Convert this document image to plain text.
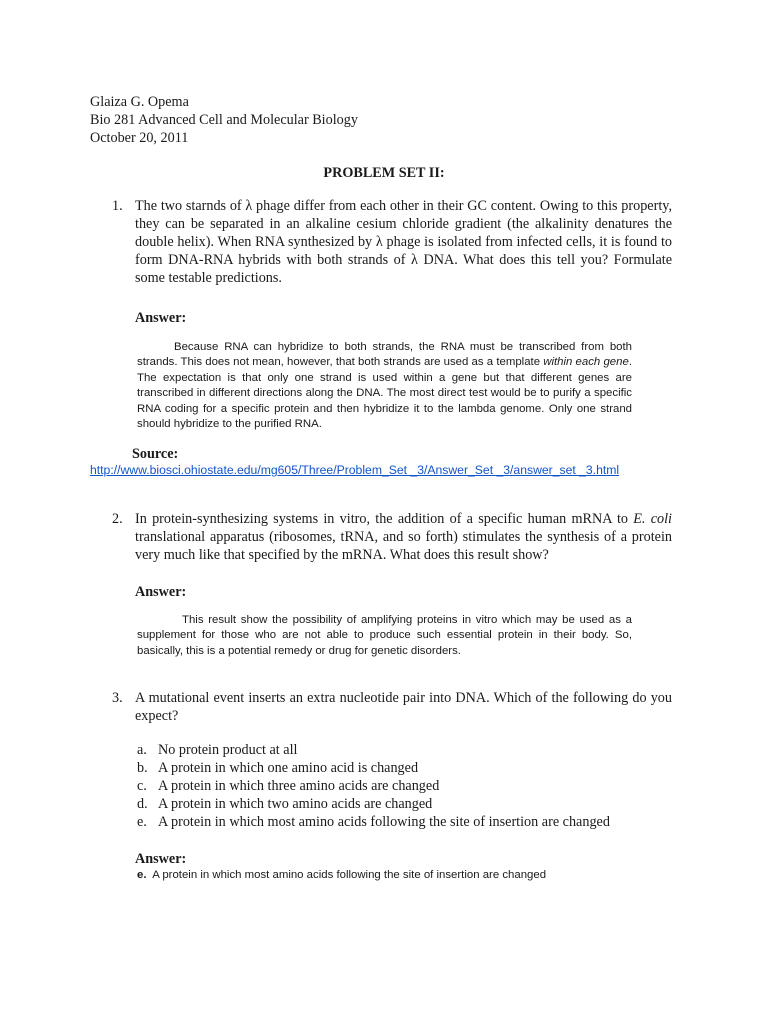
Glaiza G. Opema
Bio 281 Advanced Cell and Molecular Biology
October 20, 2011
PROBLEM SET II:
1. The two starnds of λ phage differ from each other in their GC content. Owing to this property, they can be separated in an alkaline cesium chloride gradient (the alkalinity denatures the double helix). When RNA synthesized by λ phage is isolated from infected cells, it is found to form DNA-RNA hybrids with both strands of λ DNA. What does this tell you? Formulate some testable predictions.
Answer:
Because RNA can hybridize to both strands, the RNA must be transcribed from both strands. This does not mean, however, that both strands are used as a template within each gene. The expectation is that only one strand is used within a gene but that different genes are transcribed in different directions along the DNA. The most direct test would be to purify a specific RNA coding for a specific protein and then hybridize it to the lambda genome. Only one strand should hybridize to the purified RNA.
Source:
http://www.biosci.ohiostate.edu/mg605/Three/Problem_Set _3/Answer_Set _3/answer_set _3.html
2. In protein-synthesizing systems in vitro, the addition of a specific human mRNA to E. coli translational apparatus (ribosomes, tRNA, and so forth) stimulates the synthesis of a protein very much like that specified by the mRNA. What does this result show?
Answer:
This result show the possibility of amplifying proteins in vitro which may be used as a supplement for those who are not able to produce such essential protein in their body. So, basically, this is a potential remedy or drug for genetic disorders.
3. A mutational event inserts an extra nucleotide pair into DNA. Which of the following do you expect?
a. No protein product at all
b. A protein in which one amino acid is changed
c. A protein in which three amino acids are changed
d. A protein in which two amino acids are changed
e. A protein in which most amino acids following the site of insertion are changed
Answer:
e. A protein in which most amino acids following the site of insertion are changed
